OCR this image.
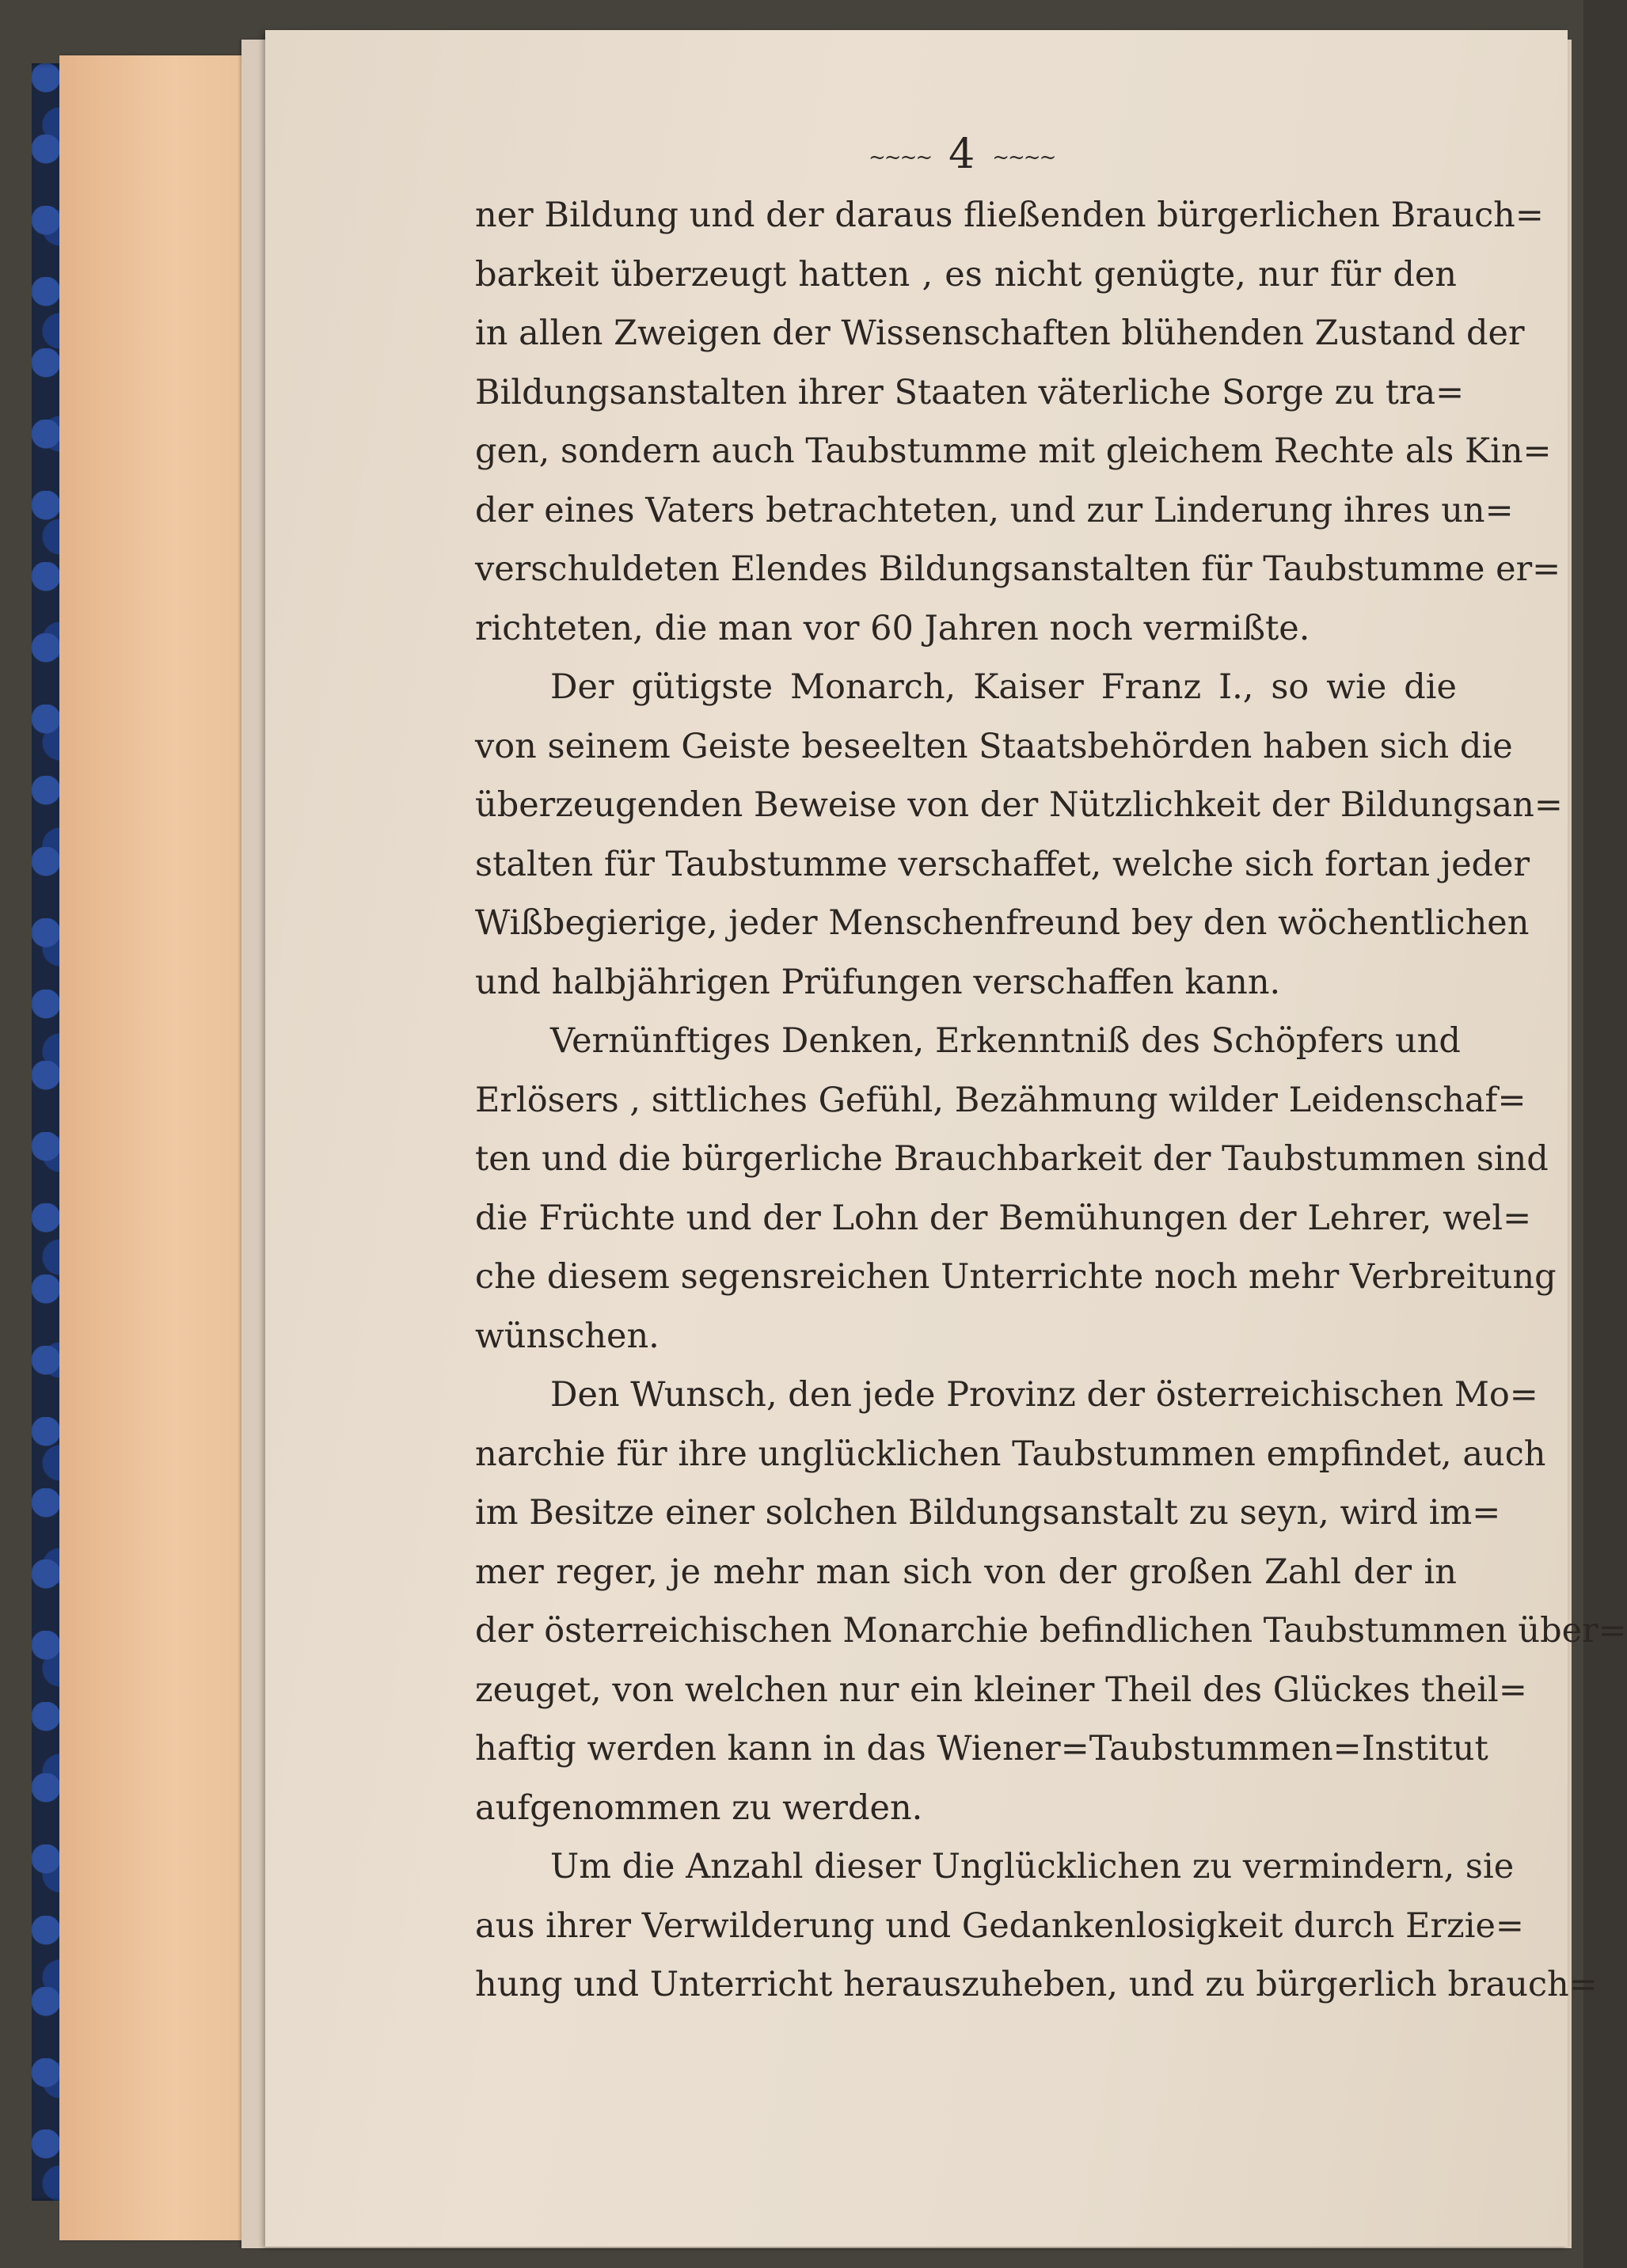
~~~~ 4 ~~~~
ner Bildung und der daraus fließenden bürgerlichen Brauch=
barkeit überzeugt hatten , es nicht genügte, nur für den
in allen Zweigen der Wissenschaften blühenden Zustand der
Bildungsanstalten ihrer Staaten väterliche Sorge zu tra=
gen, sondern auch Taubstumme mit gleichem Rechte als Kin=
der eines Vaters betrachteten, und zur Linderung ihres un=
verschuldeten Elendes Bildungsanstalten für Taubstumme er=
richteten, die man vor 60 Jahren noch vermißte.
Der gütigste Monarch, Kaiser Franz I., so wie die
von seinem Geiste beseelten Staatsbehörden haben sich die
überzeugenden Beweise von der Nützlichkeit der Bildungsan=
stalten für Taubstumme verschaffet, welche sich fortan jeder
Wißbegierige, jeder Menschenfreund bey den wöchentlichen
und halbjährigen Prüfungen verschaffen kann.
Vernünftiges Denken, Erkenntniß des Schöpfers und
Erlösers , sittliches Gefühl, Bezähmung wilder Leidenschaf=
ten und die bürgerliche Brauchbarkeit der Taubstummen sind
die Früchte und der Lohn der Bemühungen der Lehrer, wel=
che diesem segensreichen Unterrichte noch mehr Verbreitung
wünschen.
Den Wunsch, den jede Provinz der österreichischen Mo=
narchie für ihre unglücklichen Taubstummen empfindet, auch
im Besitze einer solchen Bildungsanstalt zu seyn, wird im=
mer reger, je mehr man sich von der großen Zahl der in
der österreichischen Monarchie befindlichen Taubstummen über=
zeuget, von welchen nur ein kleiner Theil des Glückes theil=
haftig werden kann in das Wiener=Taubstummen=Institut
aufgenommen zu werden.
Um die Anzahl dieser Unglücklichen zu vermindern, sie
aus ihrer Verwilderung und Gedankenlosigkeit durch Erzie=
hung und Unterricht herauszuheben, und zu bürgerlich brauch=
